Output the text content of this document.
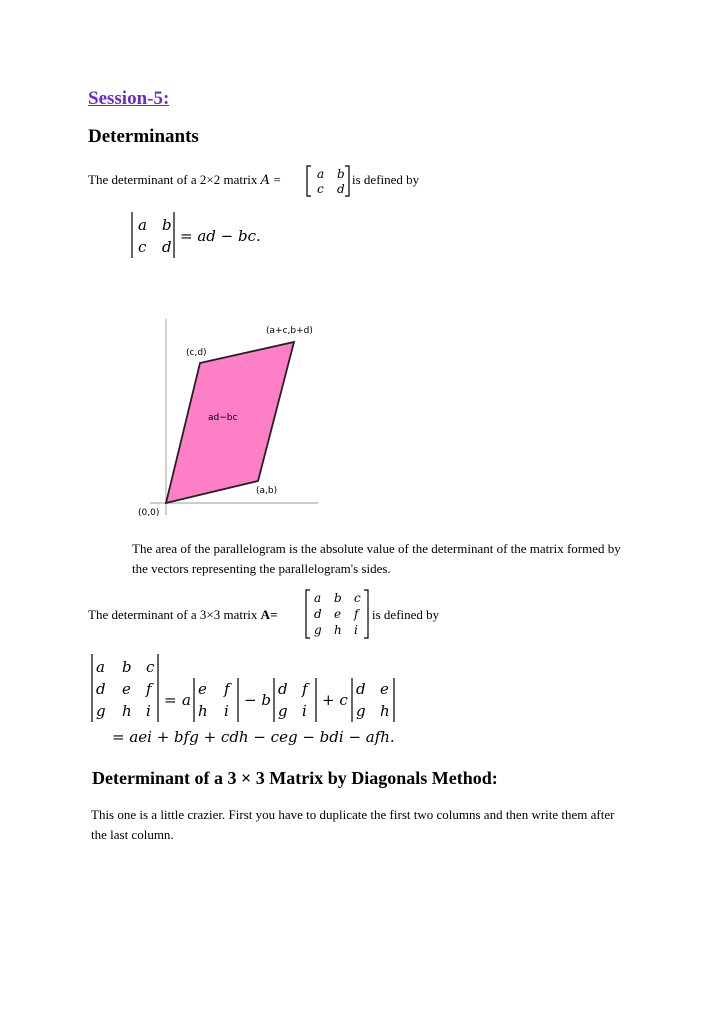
Session-5:
Determinants
The determinant of a 2×2 matrix A =	a b
c d
is defined by
a b
c d
= ad − bc.
(a+c,b+d)
(c,d)
ad−bc
(a,b)
(0,0)
The area of the parallelogram is the absolute value of the determinant of the matrix formed by the vectors representing the parallelogram's sides.
The determinant of a 3×3 matrix A=
a b c
d e f
g h i
is defined by
a b c
d e f
g h i
= a
e f
h i
− b
d f
g i
+ c
d e
g h
= aei + bfg + cdh − ceg − bdi − afh.
Determinant of a 3 × 3 Matrix by Diagonals Method:
This one is a little crazier. First you have to duplicate the first two columns and then write them after the last column.
